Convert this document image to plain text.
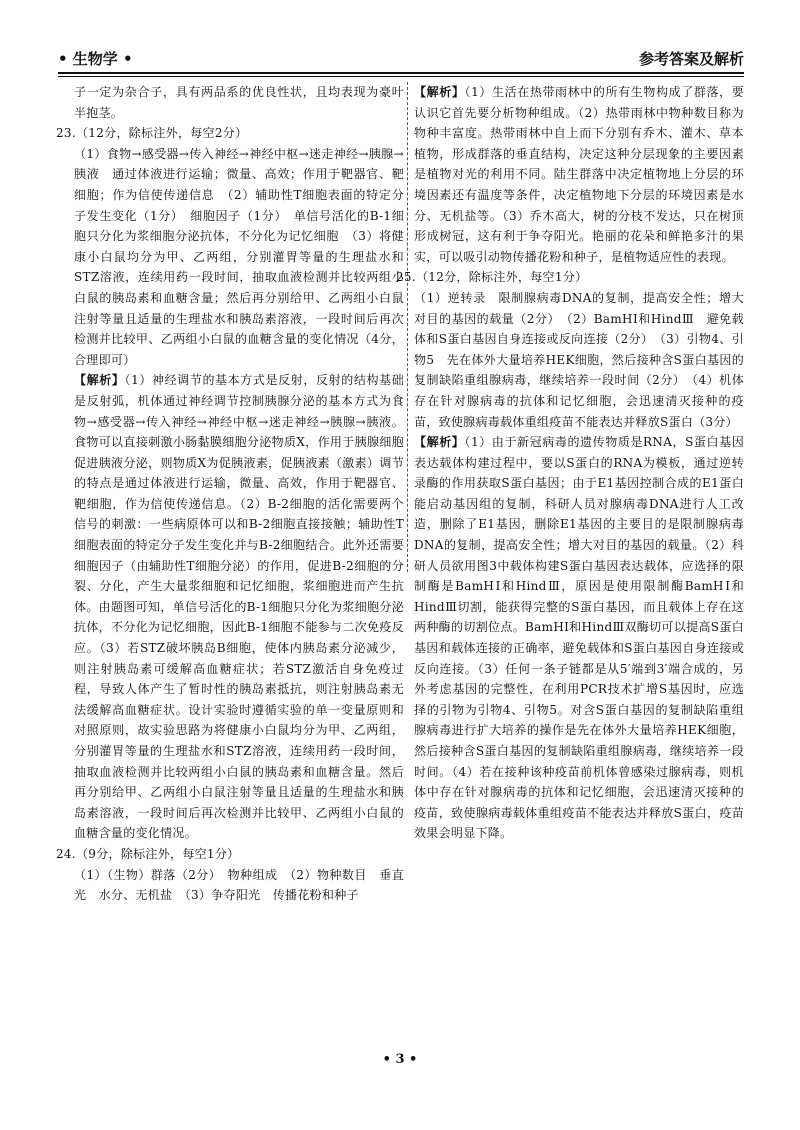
• 生物学 •	参考答案及解析

子一定为杂合子，具有两品系的优良性状，且均表现为豪叶半抱茎。

23.（12分，除标注外，每空2分）

（1）食物→感受器→传入神经→神经中枢→迷走神经→胰腺→胰液　通过体液进行运输；微量、高效；作用于靶器官、靶细胞；作为信使传递信息　（2）辅助性T细胞表面的特定分子发生变化（1分）　细胞因子（1分）　单信号活化的B-1细胞只分化为浆细胞分泌抗体，不分化为记忆细胞　（3）将健康小白鼠均分为甲、乙两组，分别灌胃等量的生理盐水和STZ溶液，连续用药一段时间，抽取血液检测并比较两组小白鼠的胰岛素和血糖含量；然后再分别给甲、乙两组小白鼠注射等量且适量的生理盐水和胰岛素溶液，一段时间后再次检测并比较甲、乙两组小白鼠的血糖含量的变化情况（4分，合理即可）

【解析】（1）神经调节的基本方式是反射，反射的结构基础是反射弧，机体通过神经调节控制胰腺分泌的基本方式为食物→感受器→传入神经→神经中枢→迷走神经→胰腺→胰液。食物可以直接刺激小肠黏膜细胞分泌物质X，作用于胰腺细胞促进胰液分泌，则物质X为促胰液素，促胰液素（激素）调节的特点是通过体液进行运输，微量、高效，作用于靶器官、靶细胞，作为信使传递信息。（2）B-2细胞的活化需要两个信号的刺激：一些病原体可以和B-2细胞直接接触；辅助性T细胞表面的特定分子发生变化并与B-2细胞结合。此外还需要细胞因子（由辅助性T细胞分泌）的作用，促进B-2细胞的分裂、分化，产生大量浆细胞和记忆细胞，浆细胞进而产生抗体。由题图可知，单信号活化的B-1细胞只分化为浆细胞分泌抗体，不分化为记忆细胞，因此B-1细胞不能参与二次免疫反应。（3）若STZ破坏胰岛B细胞，使体内胰岛素分泌减少，则注射胰岛素可缓解高血糖症状；若STZ激活自身免疫过程，导致人体产生了暂时性的胰岛素抵抗，则注射胰岛素无法缓解高血糖症状。设计实验时遵循实验的单一变量原则和对照原则，故实验思路为将健康小白鼠均分为甲、乙两组，分别灌胃等量的生理盐水和STZ溶液，连续用药一段时间，抽取血液检测并比较两组小白鼠的胰岛素和血糖含量。然后再分别给甲、乙两组小白鼠注射等量且适量的生理盐水和胰岛素溶液，一段时间后再次检测并比较甲、乙两组小白鼠的血糖含量的变化情况。

24.（9分，除标注外，每空1分）

（1）（生物）群落（2分）　物种组成　（2）物种数目　垂直　光　水分、无机盐　（3）争夺阳光　传播花粉和种子

【解析】（1）生活在热带雨林中的所有生物构成了群落，要认识它首先要分析物种组成。（2）热带雨林中物种数目称为物种丰富度。热带雨林中自上而下分别有乔木、灌木、草本植物，形成群落的垂直结构，决定这种分层现象的主要因素是植物对光的利用不同。陆生群落中决定植物地上分层的环境因素还有温度等条件，决定植物地下分层的环境因素是水分、无机盐等。（3）乔木高大，树的分枝不发达，只在树顶形成树冠，这有利于争夺阳光。艳丽的花朵和鲜艳多汁的果实，可以吸引动物传播花粉和种子，是植物适应性的表现。

25.（12分，除标注外，每空1分）

（1）逆转录　限制腺病毒DNA的复制，提高安全性；增大对目的基因的载量（2分）　（2）BamHⅠ和HindⅢ　避免载体和S蛋白基因自身连接或反向连接（2分）　（3）引物4、引物5　先在体外大量培养HEK细胞，然后接种含S蛋白基因的复制缺陷重组腺病毒，继续培养一段时间（2分）　（4）机体存在针对腺病毒的抗体和记忆细胞，会迅速清灭接种的疫苗，致使腺病毒载体重组疫苗不能表达并释放S蛋白（3分）

【解析】（1）由于新冠病毒的遗传物质是RNA，S蛋白基因表达载体构建过程中，要以S蛋白的RNA为模板，通过逆转录酶的作用获取S蛋白基因；由于E1基因控制合成的E1蛋白能启动基因组的复制，科研人员对腺病毒DNA进行人工改造，删除了E1基因，删除E1基因的主要目的是限制腺病毒DNA的复制，提高安全性；增大对目的基因的载量。（2）科研人员欲用图3中载体构建S蛋白基因表达载体，应选择的限制酶是BamHⅠ和HindⅢ，原因是使用限制酶BamHⅠ和HindⅢ切割，能获得完整的S蛋白基因，而且载体上存在这两种酶的切割位点。BamHⅠ和HindⅢ双酶切可以提高S蛋白基因和载体连接的正确率，避免载体和S蛋白基因自身连接或反向连接。（3）任何一条子链都是从5′端到3′端合成的，另外考虑基因的完整性，在利用PCR技术扩增S基因时，应选择的引物为引物4、引物5。对含S蛋白基因的复制缺陷重组腺病毒进行扩大培养的操作是先在体外大量培养HEK细胞，然后接种含S蛋白基因的复制缺陷重组腺病毒，继续培养一段时间。（4）若在接种该种疫苗前机体曾感染过腺病毒，则机体中存在针对腺病毒的抗体和记忆细胞，会迅速清灭接种的疫苗，致使腺病毒载体重组疫苗不能表达并释放S蛋白，疫苗效果会明显下降。

• 3 •
